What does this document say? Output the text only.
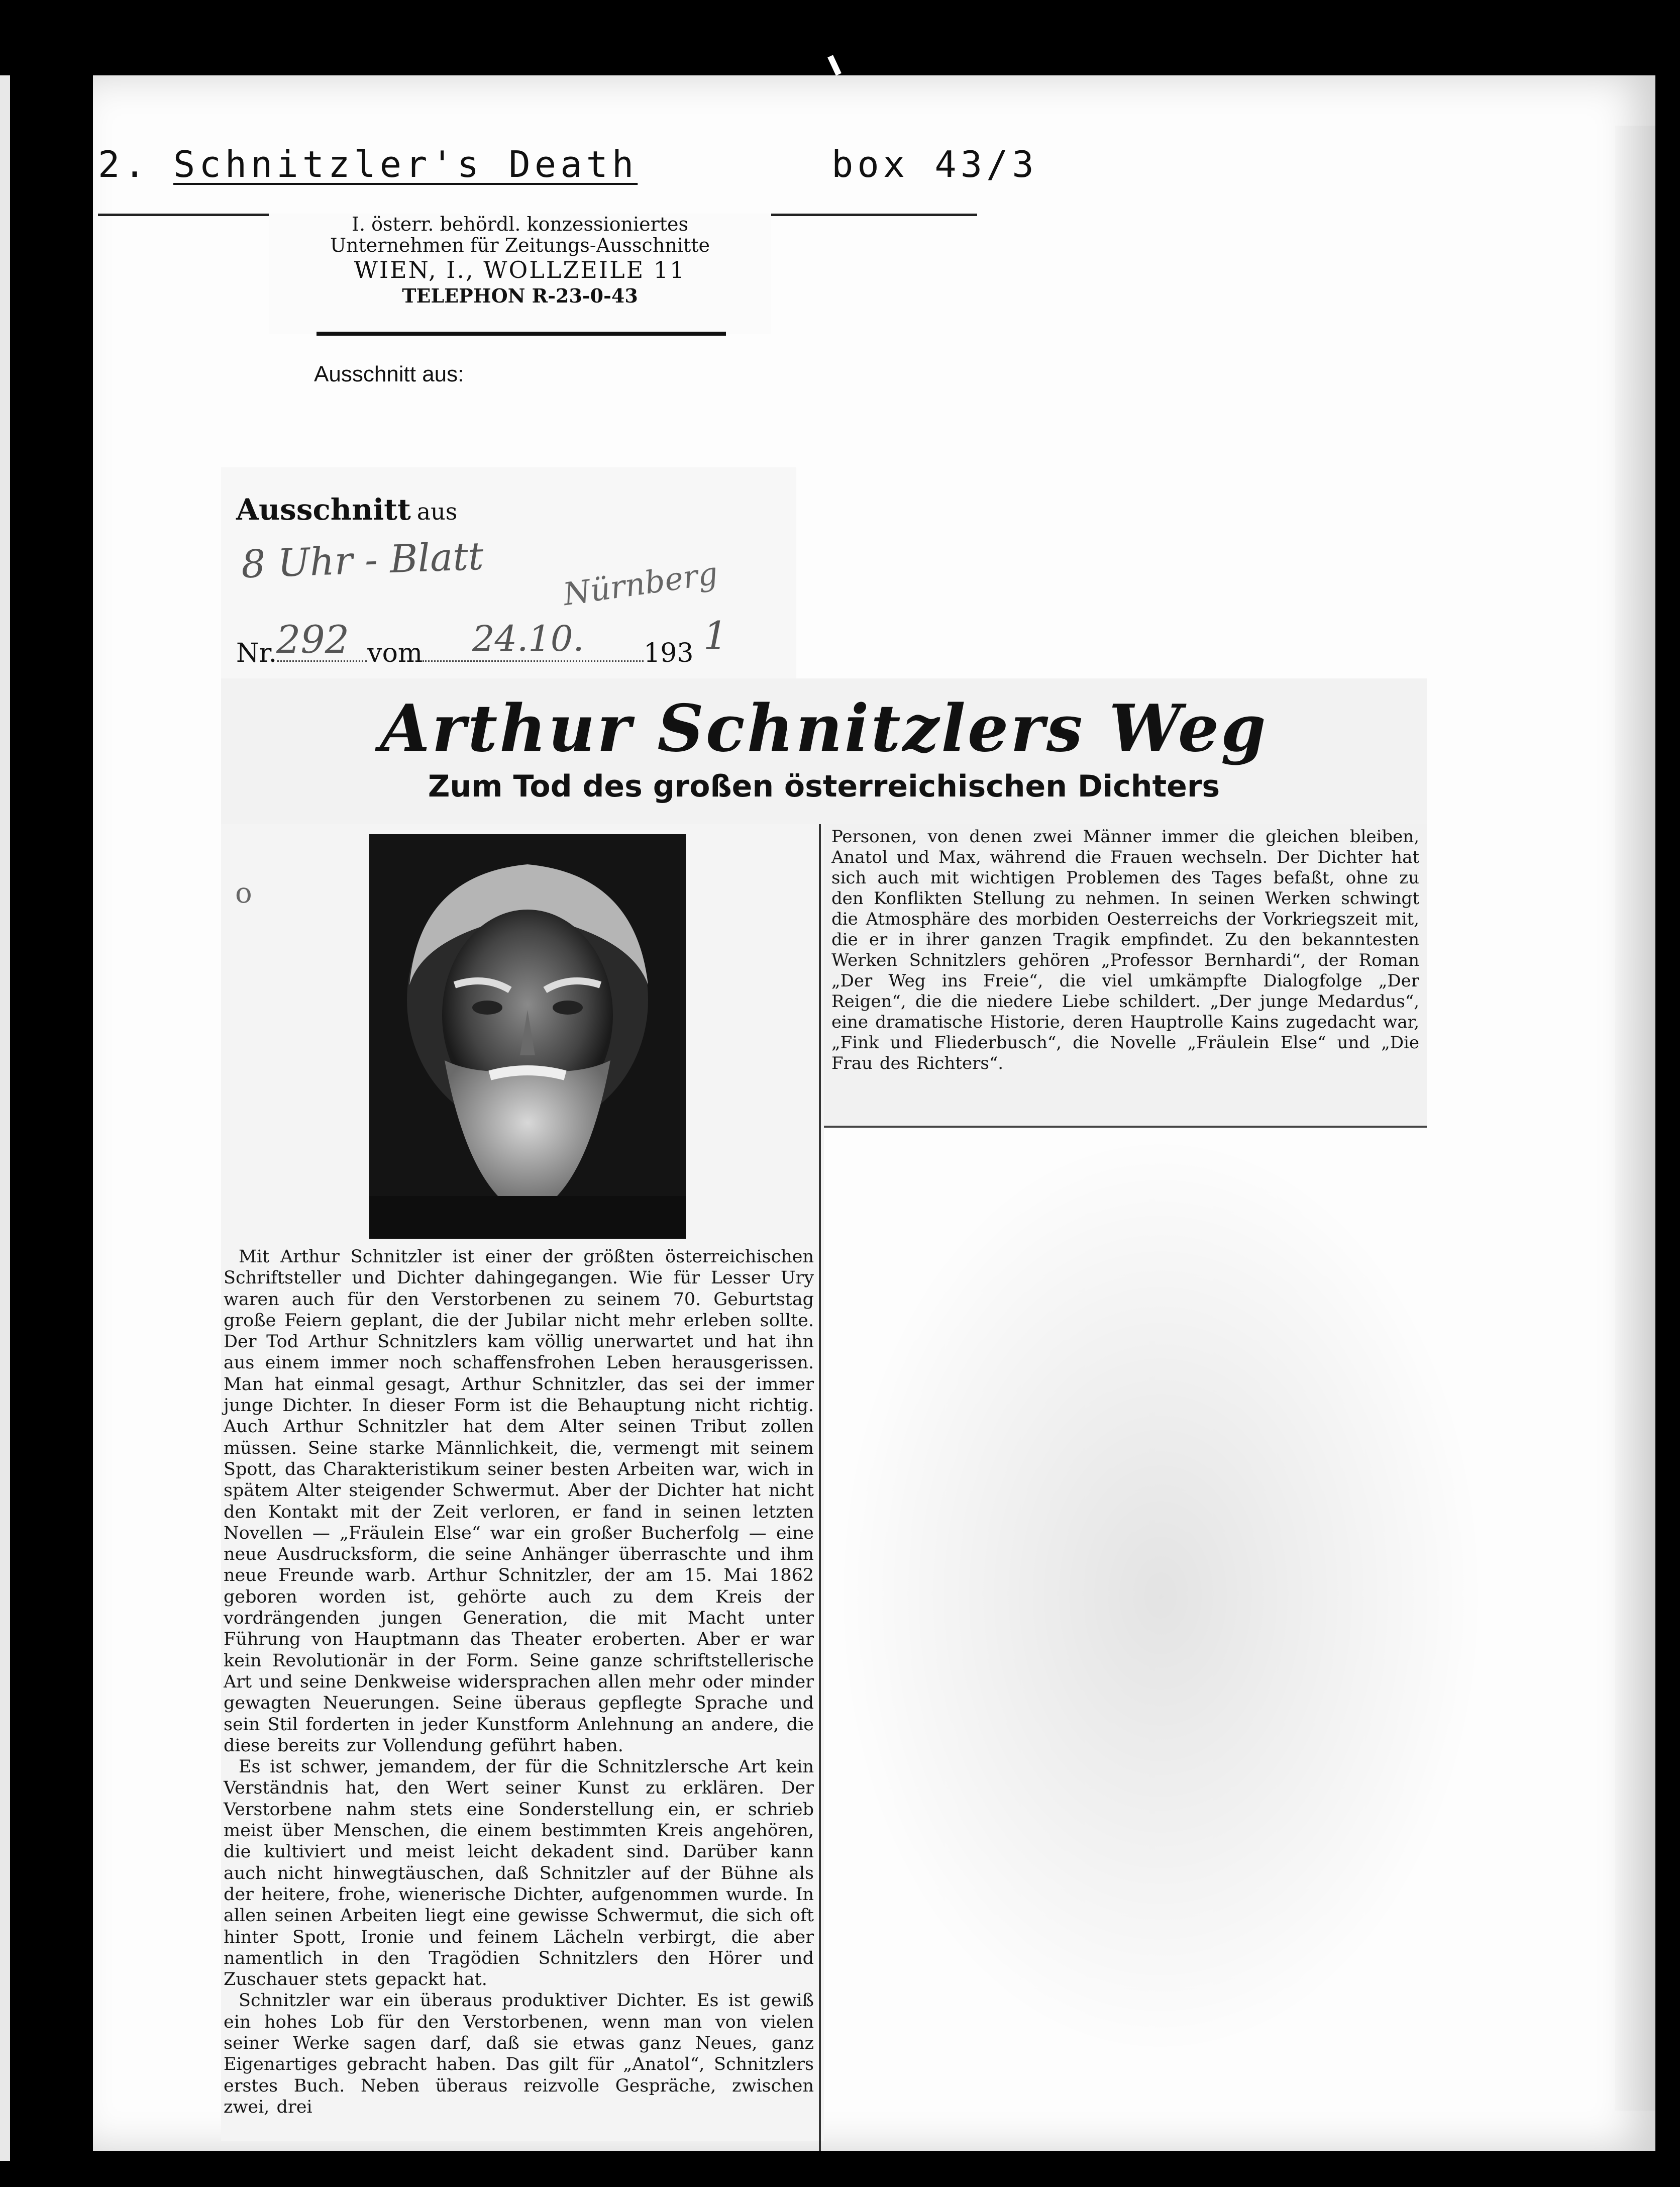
2.

Schnitzler's Death

	box 43/3

I. österr. behördl. konzessioniertes
Unternehmen für Zeitungs-Ausschnitte
WIEN, I., WOLLZEILE 11
TELEPHON R-23-0-43
Ausschnitt aus:
Ausschnitt aus
8 Uhr - Blatt Nürnberg
Nr.	vom	193
292	24.10.	1
Arthur Schnitzlers Weg
Zum Tod des großen österreichischen Dichters

Personen, von denen zwei Männer immer die gleichen bleiben, Anatol und Max, während die Frauen wechseln. Der Dichter hat sich auch mit wichtigen Problemen des Tages befaßt, ohne zu den Konflikten Stellung zu nehmen. In seinen Werken schwingt die Atmosphäre des morbiden Oesterreichs der Vorkriegszeit mit, die er in ihrer ganzen Tragik empfindet. Zu den bekanntesten Werken Schnitzlers gehören „Professor Bernhardi“, der Roman „Der Weg ins Freie“, die viel umkämpfte Dialogfolge „Der Reigen“, die die niedere Liebe schildert. „Der junge Medardus“, eine dramatische Historie, deren Hauptrolle Kains zugedacht war, „Fink und Fliederbusch“, die Novelle „Fräulein Else“ und „Die Frau des Richters“.

Mit Arthur Schnitzler ist einer der größten österreichischen Schriftsteller und Dichter dahingegangen. Wie für Lesser Ury waren auch für den Verstorbenen zu seinem 70. Geburtstag große Feiern geplant, die der Jubilar nicht mehr erleben sollte. Der Tod Arthur Schnitzlers kam völlig unerwartet und hat ihn aus einem immer noch schaffensfrohen Leben herausgerissen. Man hat einmal gesagt, Arthur Schnitzler, das sei der immer junge Dichter. In dieser Form ist die Behauptung nicht richtig. Auch Arthur Schnitzler hat dem Alter seinen Tribut zollen müssen. Seine starke Männlichkeit, die, vermengt mit seinem Spott, das Charakteristikum seiner besten Arbeiten war, wich in spätem Alter steigender Schwermut. Aber der Dichter hat nicht den Kontakt mit der Zeit verloren, er fand in seinen letzten Novellen — „Fräulein Else“ war ein großer Bucherfolg — eine neue Ausdrucksform, die seine Anhänger überraschte und ihm neue Freunde warb. Arthur Schnitzler, der am 15. Mai 1862 geboren worden ist, gehörte auch zu dem Kreis der vordrängenden jungen Generation, die mit Macht unter Führung von Hauptmann das Theater eroberten. Aber er war kein Revolutionär in der Form. Seine ganze schriftstellerische Art und seine Denkweise widersprachen allen mehr oder minder gewagten Neuerungen. Seine überaus gepflegte Sprache und sein Stil forderten in jeder Kunstform Anlehnung an andere, die diese bereits zur Vollendung geführt haben.

Es ist schwer, jemandem, der für die Schnitzlersche Art kein Verständnis hat, den Wert seiner Kunst zu erklären. Der Verstorbene nahm stets eine Sonderstellung ein, er schrieb meist über Menschen, die einem bestimmten Kreis angehören, die kultiviert und meist leicht dekadent sind. Darüber kann auch nicht hinwegtäuschen, daß Schnitzler auf der Bühne als der heitere, frohe, wienerische Dichter, aufgenommen wurde. In allen seinen Arbeiten liegt eine gewisse Schwermut, die sich oft hinter Spott, Ironie und feinem Lächeln verbirgt, die aber namentlich in den Tragödien Schnitzlers den Hörer und Zuschauer stets gepackt hat.

Schnitzler war ein überaus produktiver Dichter. Es ist gewiß ein hohes Lob für den Verstorbenen, wenn man von vielen seiner Werke sagen darf, daß sie etwas ganz Neues, ganz Eigenartiges gebracht haben. Das gilt für „Anatol“, Schnitzlers erstes Buch. Neben überaus reizvolle Gespräche, zwischen zwei, drei

o
